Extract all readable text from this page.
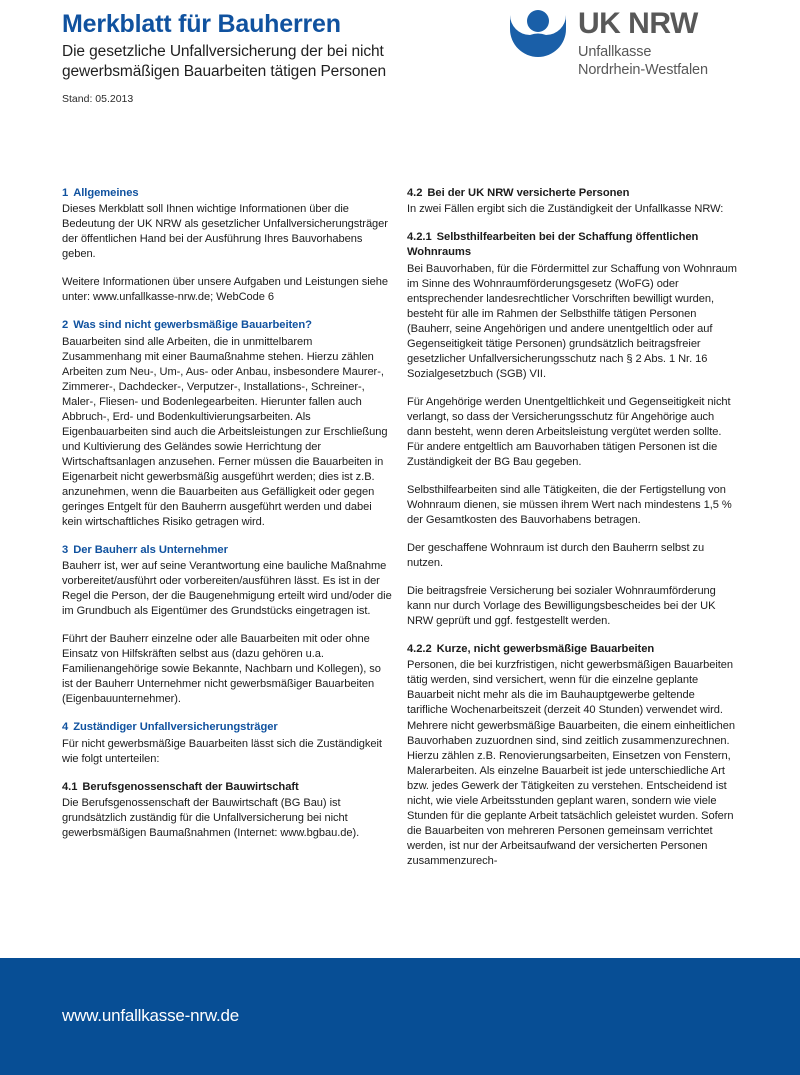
Merkblatt für Bauherren
Die gesetzliche Unfallversicherung der bei nicht gewerbsmäßigen Bauarbeiten tätigen Personen
Stand: 05.2013
UK NRW
Unfallkasse
Nordrhein-Westfalen
1 Allgemeines

Dieses Merkblatt soll Ihnen wichtige Informationen über die Bedeutung der UK NRW als gesetzlicher Unfallversicherungsträger der öffentlichen Hand bei der Ausführung Ihres Bauvorhabens geben.

Weitere Informationen über unsere Aufgaben und Leistungen siehe unter: www.unfallkasse-nrw.de; WebCode 6

2 Was sind nicht gewerbsmäßige Bauarbeiten?

Bauarbeiten sind alle Arbeiten, die in unmittelbarem Zusammenhang mit einer Baumaßnahme stehen. Hierzu zählen Arbeiten zum Neu-, Um-, Aus- oder Anbau, insbesondere Maurer-, Zimmerer-, Dachdecker-, Verputzer-, Installations-, Schreiner-, Maler-, Fliesen- und Bodenlegearbeiten. Hierunter fallen auch Abbruch-, Erd- und Bodenkultivierungsarbeiten. Als Eigenbauarbeiten sind auch die Arbeitsleistungen zur Erschließung und Kultivierung des Geländes sowie Herrichtung der Wirtschaftsanlagen anzusehen. Ferner müssen die Bauarbeiten in Eigenarbeit nicht gewerbsmäßig ausgeführt werden; dies ist z.B. anzunehmen, wenn die Bauarbeiten aus Gefälligkeit oder gegen geringes Entgelt für den Bauherrn ausgeführt werden und dabei kein wirtschaftliches Risiko getragen wird.

3 Der Bauherr als Unternehmer

Bauherr ist, wer auf seine Verantwortung eine bauliche Maßnahme vorbereitet/ausführt oder vorbereiten/ausführen lässt. Es ist in der Regel die Person, der die Baugenehmigung erteilt wird und/oder die im Grundbuch als Eigentümer des Grundstücks eingetragen ist.

Führt der Bauherr einzelne oder alle Bauarbeiten mit oder ohne Einsatz von Hilfskräften selbst aus (dazu gehören u.a. Familienangehörige sowie Bekannte, Nachbarn und Kollegen), so ist der Bauherr Unternehmer nicht gewerbsmäßiger Bauarbeiten (Eigenbauunternehmer).

4 Zuständiger Unfallversicherungsträger

Für nicht gewerbsmäßige Bauarbeiten lässt sich die Zuständigkeit wie folgt unterteilen:

4.1 Berufsgenossenschaft der Bauwirtschaft

Die Berufsgenossenschaft der Bauwirtschaft (BG Bau) ist grundsätzlich zuständig für die Unfallversicherung bei nicht gewerbsmäßigen Baumaßnahmen (Internet: www.bgbau.de).

4.2 Bei der UK NRW versicherte Personen

In zwei Fällen ergibt sich die Zuständigkeit der Unfallkasse NRW:

4.2.1 Selbsthilfearbeiten bei der Schaffung öffentlichen Wohnraums

Bei Bauvorhaben, für die Fördermittel zur Schaffung von Wohnraum im Sinne des Wohnraumförderungsgesetz (WoFG) oder entsprechender landesrechtlicher Vorschriften bewilligt wurden, besteht für alle im Rahmen der Selbsthilfe tätigen Personen (Bauherr, seine Angehörigen und andere unentgeltlich oder auf Gegenseitigkeit tätige Personen) grundsätzlich beitragsfreier gesetzlicher Unfallversicherungsschutz nach § 2 Abs. 1 Nr. 16 Sozialgesetzbuch (SGB) VII.

Für Angehörige werden Unentgeltlichkeit und Gegenseitigkeit nicht verlangt, so dass der Versicherungsschutz für Angehörige auch dann besteht, wenn deren Arbeitsleistung vergütet werden sollte. Für andere entgeltlich am Bauvorhaben tätigen Personen ist die Zuständigkeit der BG Bau gegeben.

Selbsthilfearbeiten sind alle Tätigkeiten, die der Fertigstellung von Wohnraum dienen, sie müssen ihrem Wert nach mindestens 1,5 % der Gesamtkosten des Bauvorhabens betragen.

Der geschaffene Wohnraum ist durch den Bauherrn selbst zu nutzen.

Die beitragsfreie Versicherung bei sozialer Wohnraumförderung kann nur durch Vorlage des Bewilligungsbescheides bei der UK NRW geprüft und ggf. festgestellt werden.

4.2.2 Kurze, nicht gewerbsmäßige Bauarbeiten

Personen, die bei kurzfristigen, nicht gewerbsmäßigen Bauarbeiten tätig werden, sind versichert, wenn für die einzelne geplante Bauarbeit nicht mehr als die im Bauhauptgewerbe geltende tarifliche Wochenarbeitszeit (derzeit 40 Stunden) verwendet wird. Mehrere nicht gewerbsmäßige Bauarbeiten, die einem einheitlichen Bauvorhaben zuzuordnen sind, sind zeitlich zusammenzurechnen. Hierzu zählen z.B. Renovierungsarbeiten, Einsetzen von Fenstern, Malerarbeiten. Als einzelne Bauarbeit ist jede unterschiedliche Art bzw. jedes Gewerk der Tätigkeiten zu verstehen. Entscheidend ist nicht, wie viele Arbeitsstunden geplant waren, sondern wie viele Stunden für die geplante Arbeit tatsächlich geleistet wurden. Sofern die Bauarbeiten von mehreren Personen gemeinsam verrichtet werden, ist nur der Arbeitsaufwand der versicherten Personen zusammenzurech-

www.unfallkasse-nrw.de
